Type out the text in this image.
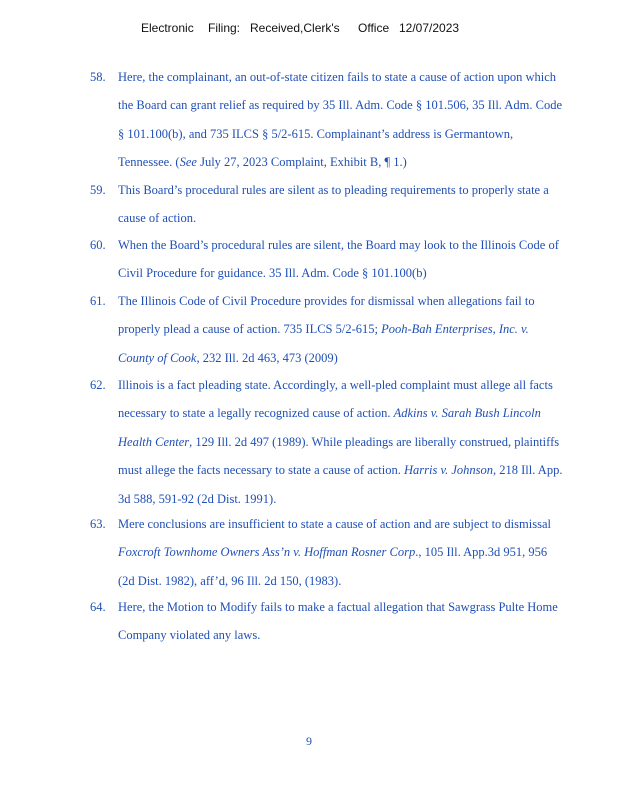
Electronic Filing: Received,Clerk's Office 12/07/2023
58. Here, the complainant, an out-of-state citizen fails to state a cause of action upon which
the Board can grant relief as required by 35 Ill. Adm. Code § 101.506, 35 Ill. Adm. Code
§ 101.100(b), and 735 ILCS § 5/2-615. Complainant’s address is Germantown,
Tennessee. (See July 27, 2023 Complaint, Exhibit B, ¶ 1.)
59. This Board’s procedural rules are silent as to pleading requirements to properly state a
cause of action.
60. When the Board’s procedural rules are silent, the Board may look to the Illinois Code of
Civil Procedure for guidance. 35 Ill. Adm. Code § 101.100(b)
61. The Illinois Code of Civil Procedure provides for dismissal when allegations fail to
properly plead a cause of action. 735 ILCS 5/2-615; Pooh-Bah Enterprises, Inc. v.
County of Cook, 232 Ill. 2d 463, 473 (2009)
62. Illinois is a fact pleading state. Accordingly, a well-pled complaint must allege all facts
necessary to state a legally recognized cause of action. Adkins v. Sarah Bush Lincoln
Health Center, 129 Ill. 2d 497 (1989). While pleadings are liberally construed, plaintiffs
must allege the facts necessary to state a cause of action. Harris v. Johnson, 218 Ill. App.
3d 588, 591-92 (2d Dist. 1991).
63. Mere conclusions are insufficient to state a cause of action and are subject to dismissal
Foxcroft Townhome Owners Ass’n v. Hoffman Rosner Corp., 105 Ill. App.3d 951, 956
(2d Dist. 1982), aff’d, 96 Ill. 2d 150, (1983).
64. Here, the Motion to Modify fails to make a factual allegation that Sawgrass Pulte Home
Company violated any laws.
9
